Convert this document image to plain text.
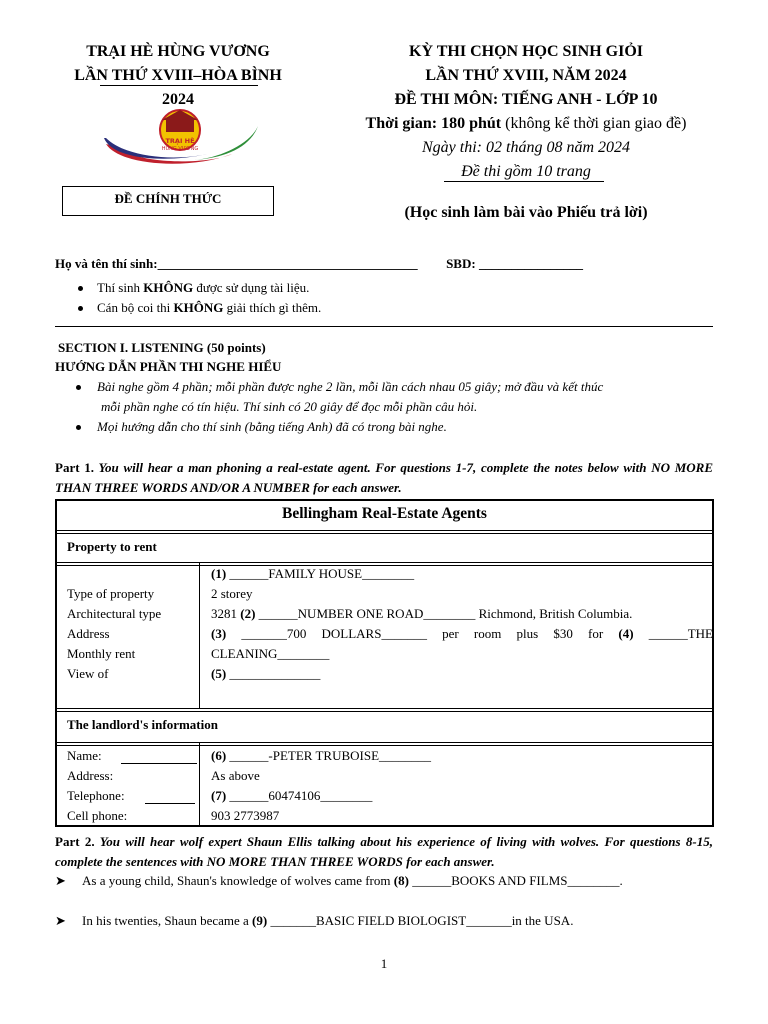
TRẠI HÈ HÙNG VƯƠNG
LẦN THỨ XVIII–HÒA BÌNH
2024
TRẠI HÈ
HÙNG VƯƠNG
ĐỀ CHÍNH THỨC
KỲ THI CHỌN HỌC SINH GIỎI
LẦN THỨ XVIII, NĂM 2024
ĐỀ THI MÔN: TIẾNG ANH - LỚP 10
Thời gian: 180 phút (không kể thời gian giao đề)
Ngày thi: 02 tháng 08 năm 2024
Đề thi gồm 10 trang
(Học sinh làm bài vào Phiếu trả lời)
Họ và tên thí sinh:________________________________________ SBD: ________________
Thí sinh KHÔNG được sử dụng tài liệu.
Cán bộ coi thi KHÔNG giải thích gì thêm.
SECTION I. LISTENING (50 points)
HƯỚNG DẪN PHẦN THI NGHE HIỂU
Bài nghe gồm 4 phần; mỗi phần được nghe 2 lần, mỗi lần cách nhau 05 giây; mở đầu và kết thúc
mỗi phần nghe có tín hiệu. Thí sinh có 20 giây để đọc mỗi phần câu hỏi.
Mọi hướng dẫn cho thí sinh (bằng tiếng Anh) đã có trong bài nghe.
Part 1. You will hear a man phoning a real-estate agent. For questions 1-7, complete the notes below with NO MORE THAN THREE WORDS AND/OR A NUMBER for each answer.
Bellingham Real-Estate Agents
Property to rent
Type of property
Architectural type
Address
Monthly rent
View of
(1) ______FAMILY HOUSE________
2 storey
3281 (2) ______NUMBER ONE ROAD________ Richmond, British Columbia.
(3) _______700 DOLLARS_______ per room plus $30 for (4) ______THE
CLEANING________
(5) ______________
The landlord's information
Name:
Address:
Telephone:
Cell phone:
(6) ______-PETER TRUBOISE________
As above
(7) ______60474106________
903 2773987
Part 2. You will hear wolf expert Shaun Ellis talking about his experience of living with wolves. For questions 8-15, complete the sentences with NO MORE THAN THREE WORDS for each answer.
➤	As a young child, Shaun's knowledge of wolves came from (8) ______BOOKS AND FILMS________.
➤	In his twenties, Shaun became a (9) _______BASIC FIELD BIOLOGIST_______in the USA.
1
